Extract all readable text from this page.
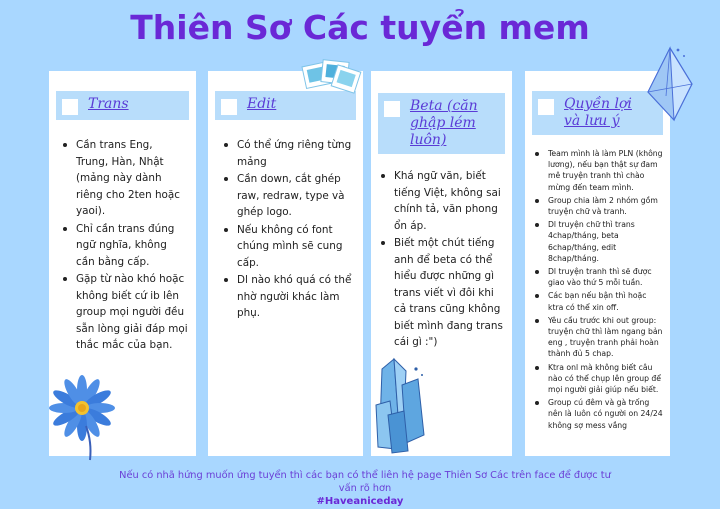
Thiên Sơ Các tuyển mem
Trans
Cần trans Eng, Trung, Hàn, Nhật (mảng này dành riêng cho 2ten hoặc yaoi).
Chỉ cần trans đúng ngữ nghĩa, không cần bằng cấp.
Gặp từ nào khó hoặc không biết cứ ib lên group mọi người đều sẵn lòng giải đáp mọi thắc mắc của bạn.
Edit
Có thể ứng riêng từng mảng
Cần down, cắt ghép raw, redraw, type và ghép logo.
Nếu không có font chúng mình sẽ cung cấp.
Dl nào khó quá có thể nhờ người khác làm phụ.
Beta (căn ghập lém luôn)
Khá ngữ văn, biết tiếng Việt, không sai chính tả, văn phong ổn áp.
Biết một chút tiếng anh để beta có thể hiểu được những gì trans viết vì đôi khi cả trans cũng không biết mình đang trans cái gì :")
Quyền lợi và lưu ý
Team mình là làm PLN (không lương), nếu bạn thật sự đam mê truyện tranh thì chào mừng đến team mình.
Group chia làm 2 nhóm gồm truyện chữ và tranh.
Dl truyện chữ thì trans 4chap/tháng, beta 6chap/tháng, edit 8chap/tháng.
Dl truyện tranh thì sẽ được giao vào thứ 5 mỗi tuần.
Các bạn nếu bận thì hoặc ktra có thể xin off.
Yêu cầu trước khi out group: truyện chữ thì làm ngang bản eng , truyện tranh phải hoàn thành đủ 5 chap.
Ktra onl mà không biết câu nào có thể chụp lên group để mọi người giải giúp nếu biết.
Group cú đêm và gà trống nên là luôn có người on 24/24 không sợ mess vắng
Nếu có nhã hứng muốn ứng tuyển thì các bạn có thể liên hệ page Thiên Sơ Các trên face để được tư vấn rõ hơn
#Haveaniceday
